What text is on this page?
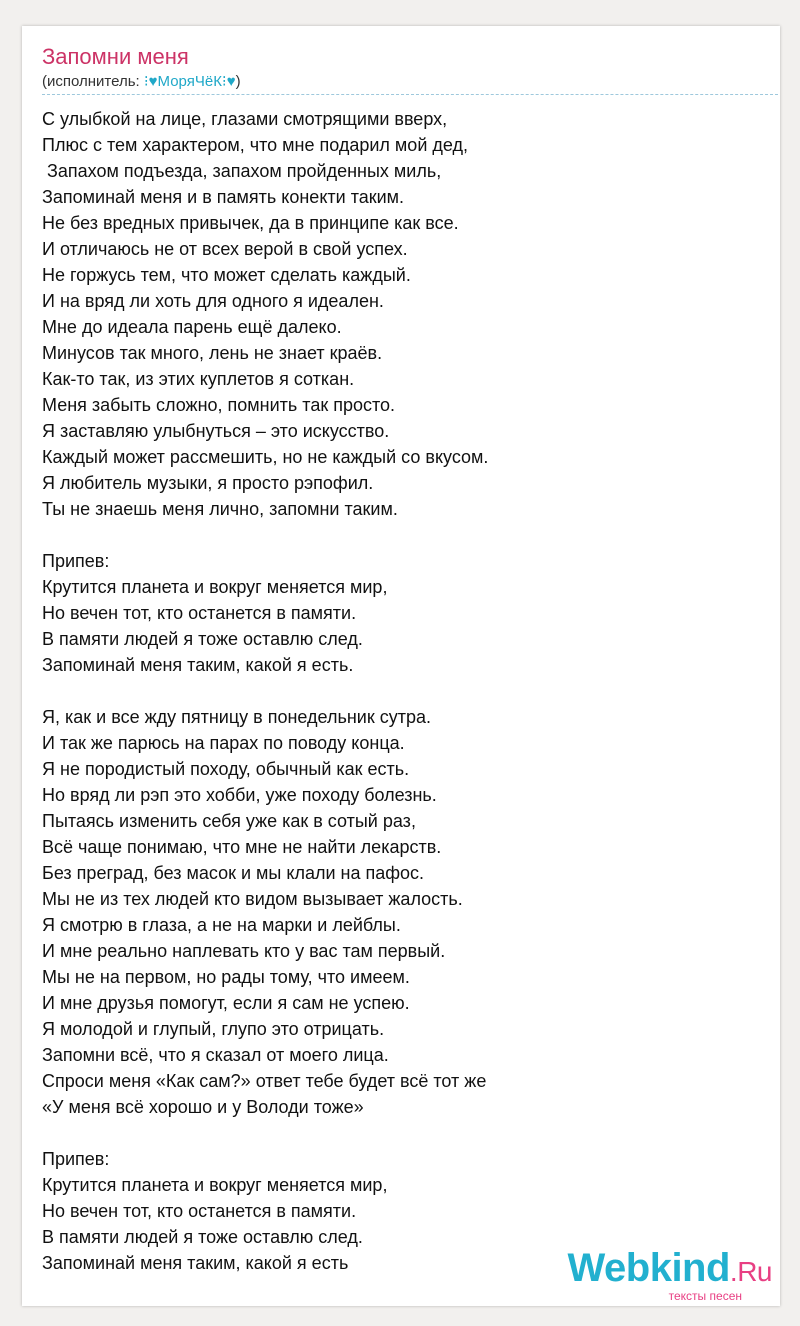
Запомни меня
(исполнитель: ⁝♥МоряЧёК⁝♥)
С улыбкой на лице, глазами смотрящими вверх,
Плюс с тем характером, что мне подарил мой дед,
Запахом подъезда, запахом пройденных миль,
Запоминай меня и в память конекти таким.
Не без вредных привычек, да в принципе как все.
И отличаюсь не от всех верой в свой успех.
Не горжусь тем, что может сделать каждый.
И на вряд ли хоть для одного я идеален.
Мне до идеала парень ещё далеко.
Минусов так много, лень не знает краёв.
Как-то так, из этих куплетов я соткан.
Меня забыть сложно, помнить так просто.
Я заставляю улыбнуться – это искусство.
Каждый может рассмешить, но не каждый со вкусом.
Я любитель музыки, я просто рэпофил.
Ты не знаешь меня лично, запомни таким.
Припев:
Крутится планета и вокруг меняется мир,
Но вечен тот, кто останется в памяти.
В памяти людей я тоже оставлю след.
Запоминай меня таким, какой я есть.
Я, как и все жду пятницу в понедельник сутра.
И так же парюсь на парах по поводу конца.
Я не породистый походу, обычный как есть.
Но вряд ли рэп это хобби, уже походу болезнь.
Пытаясь изменить себя уже как в сотый раз,
Всё чаще понимаю, что мне не найти лекарств.
Без преград, без масок и мы клали на пафос.
Мы не из тех людей кто видом вызывает жалость.
Я смотрю в глаза, а не на марки и лейблы.
И мне реально наплевать кто у вас там первый.
Мы не на первом, но рады тому, что имеем.
И мне друзья помогут, если я сам не успею.
Я молодой и глупый, глупо это отрицать.
Запомни всё, что я сказал от моего лица.
Спроси меня «Как сам?» ответ тебе будет всё тот же
«У меня всё хорошо и у Володи тоже»
Припев:
Крутится планета и вокруг меняется мир,
Но вечен тот, кто останется в памяти.
В памяти людей я тоже оставлю след.
Запоминай меня таким, какой я есть	Webkind.Ru
тексты песен
